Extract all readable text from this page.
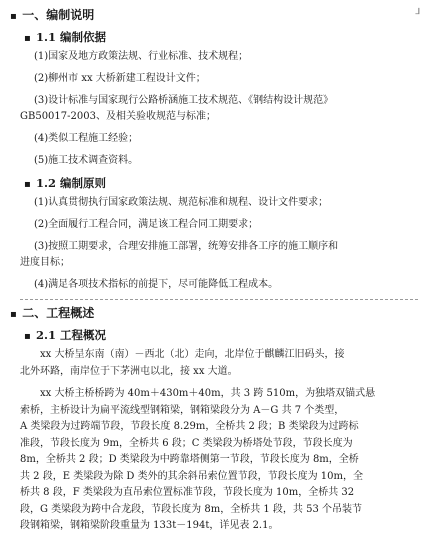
▪ 一、编制说明	ᒧ
▪ 1.1 编制依据
(1)国家及地方政策法规、行业标准、技术规程；
(2)柳州市 xx 大桥新建工程设计文件；
(3)设计标准与国家现行公路桥涵施工技术规范、《钢结构设计规范》
GB50017-2003、及相关验收规范与标准；
(4)类似工程施工经验；
(5)施工技术调查资料。
▪ 1.2 编制原则
(1)认真贯彻执行国家政策法规、规范标准和规程、设计文件要求；
(2)全面履行工程合同，满足该工程合同工期要求；
(3)按照工期要求，合理安排施工部署，统筹安排各工序的施工顺序和
进度目标；
(4)满足各项技术指标的前提下，尽可能降低工程成本。
▪ 二、工程概述
▪ 2.1 工程概况
xx 大桥呈东南（南）－西北（北）走向，北岸位于麒麟江旧码头，接
北外环路，南岸位于下茅洲屯以北，接 xx 大道。
xx 大桥主桥桥跨为 40m＋430m＋40m，共 3 跨 510m，为独塔双锚式悬
索桥，主桥设计为扁平流线型钢箱梁，钢箱梁段分为 A－G 共 7 个类型，
A 类梁段为过跨端节段，节段长度 8.29m，全桥共 2 段；B 类梁段为过跨标
准段，节段长度为 9m，全桥共 6 段；C 类梁段为桥塔处节段，节段长度为
8m，全桥共 2 段；D 类梁段为中跨靠塔侧第一节段，节段长度为 8m，全桥
共 2 段，E 类梁段为除 D 类外的其余斜吊索位置节段，节段长度为 10m，全
桥共 8 段，F 类梁段为直吊索位置标准节段，节段长度为 10m，全桥共 32
段，G 类梁段为跨中合龙段，节段长度为 8m，全桥共 1 段，共 53 个吊装节
段钢箱梁，钢箱梁阶段重量为 133t－194t，详见表 2.1。
